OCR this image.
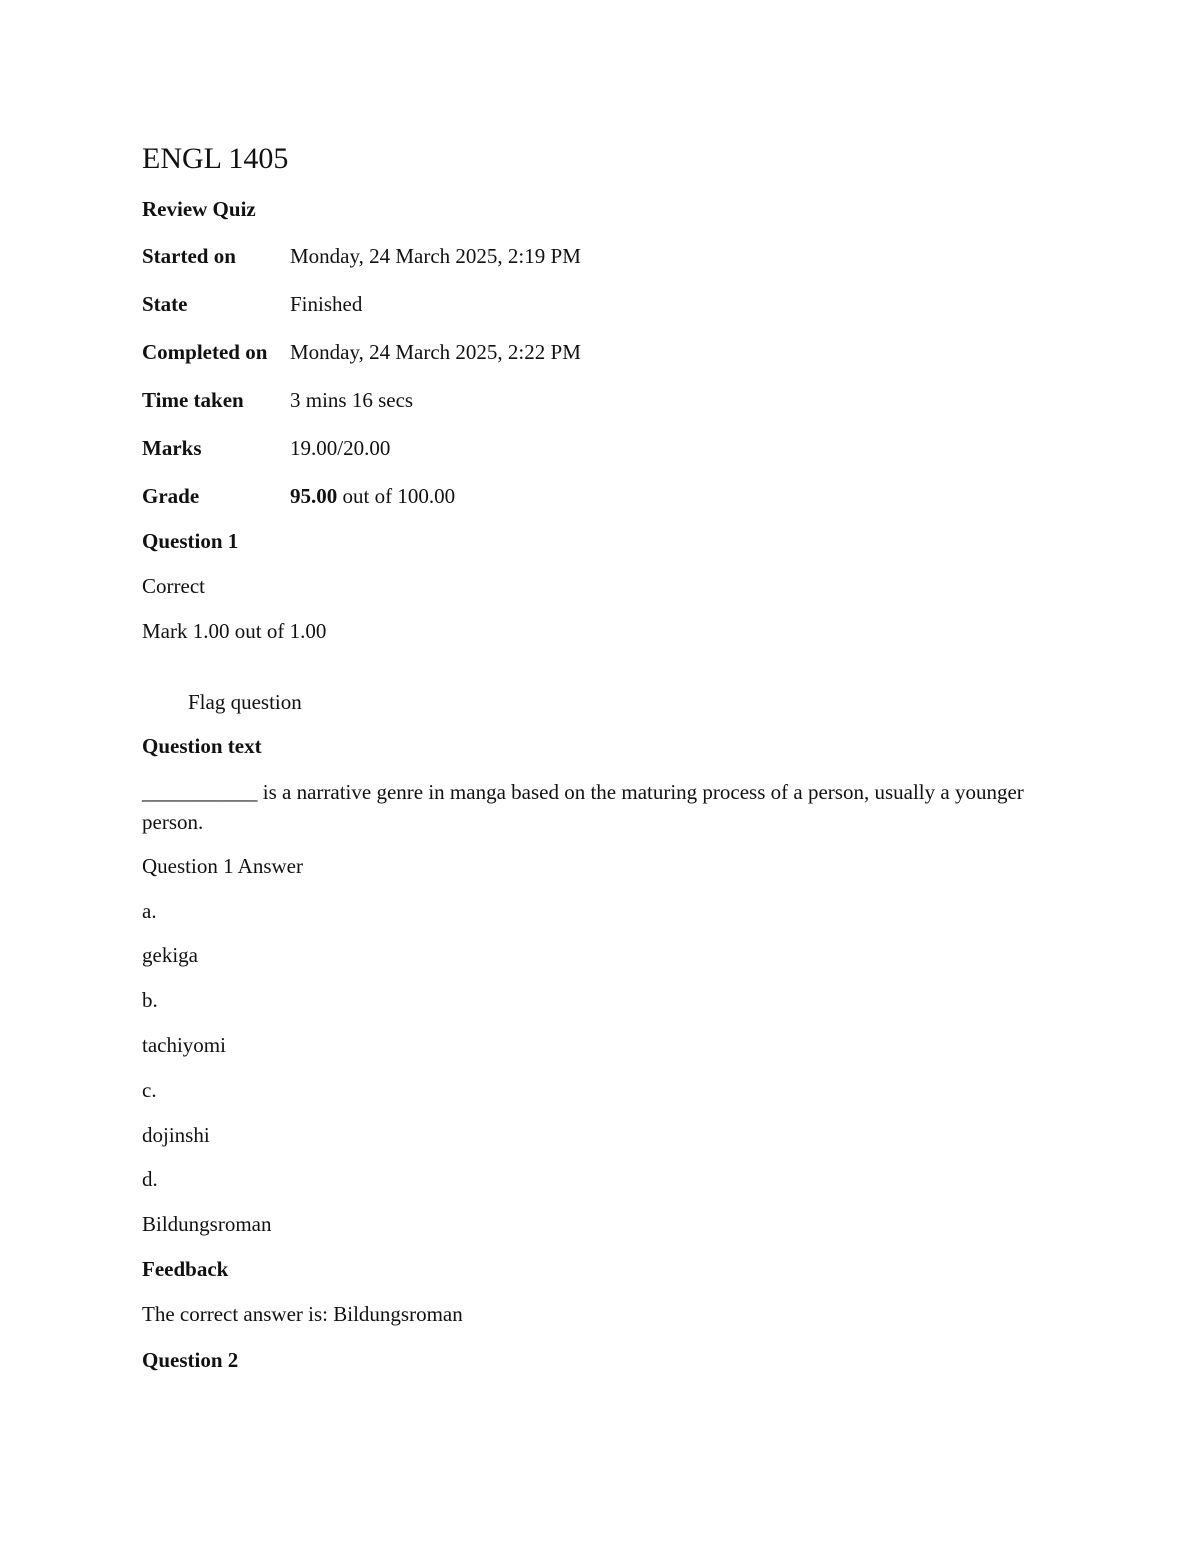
ENGL 1405
Review Quiz
Started on	Monday, 24 March 2025, 2:19 PM
State	Finished
Completed on Monday, 24 March 2025, 2:22 PM
Time taken 3 mins 16 secs
Marks	19.00/20.00
Grade	95.00 out of 100.00
Question 1
Correct
Mark 1.00 out of 1.00
Flag question
Question text
___________ is a narrative genre in manga based on the maturing process of a person, usually a younger person.
Question 1 Answer
a.
gekiga
b.
tachiyomi
c.
dojinshi
d.
Bildungsroman
Feedback
The correct answer is: Bildungsroman
Question 2
